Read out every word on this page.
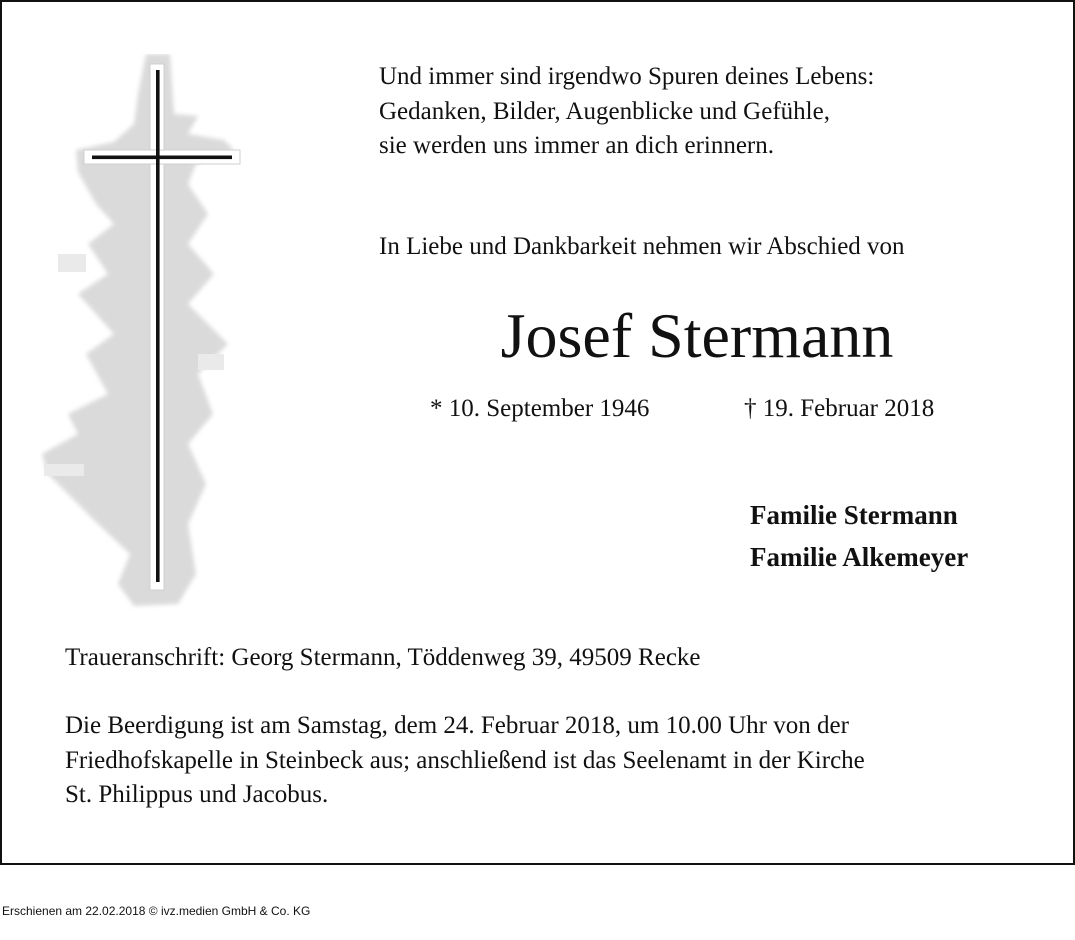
Und immer sind irgendwo Spuren deines Lebens:
Gedanken, Bilder, Augenblicke und Gefühle,
sie werden uns immer an dich erinnern.
In Liebe und Dankbarkeit nehmen wir Abschied von
Josef Stermann
* 10. September 1946	† 19. Februar 2018
Familie Stermann
Familie Alkemeyer
Traueranschrift: Georg Stermann, Töddenweg 39, 49509 Recke
Die Beerdigung ist am Samstag, dem 24. Februar 2018, um 10.00 Uhr von der
Friedhofskapelle in Steinbeck aus; anschließend ist das Seelenamt in der Kirche
St. Philippus und Jacobus.
Erschienen am 22.02.2018 © ivz.medien GmbH & Co. KG
